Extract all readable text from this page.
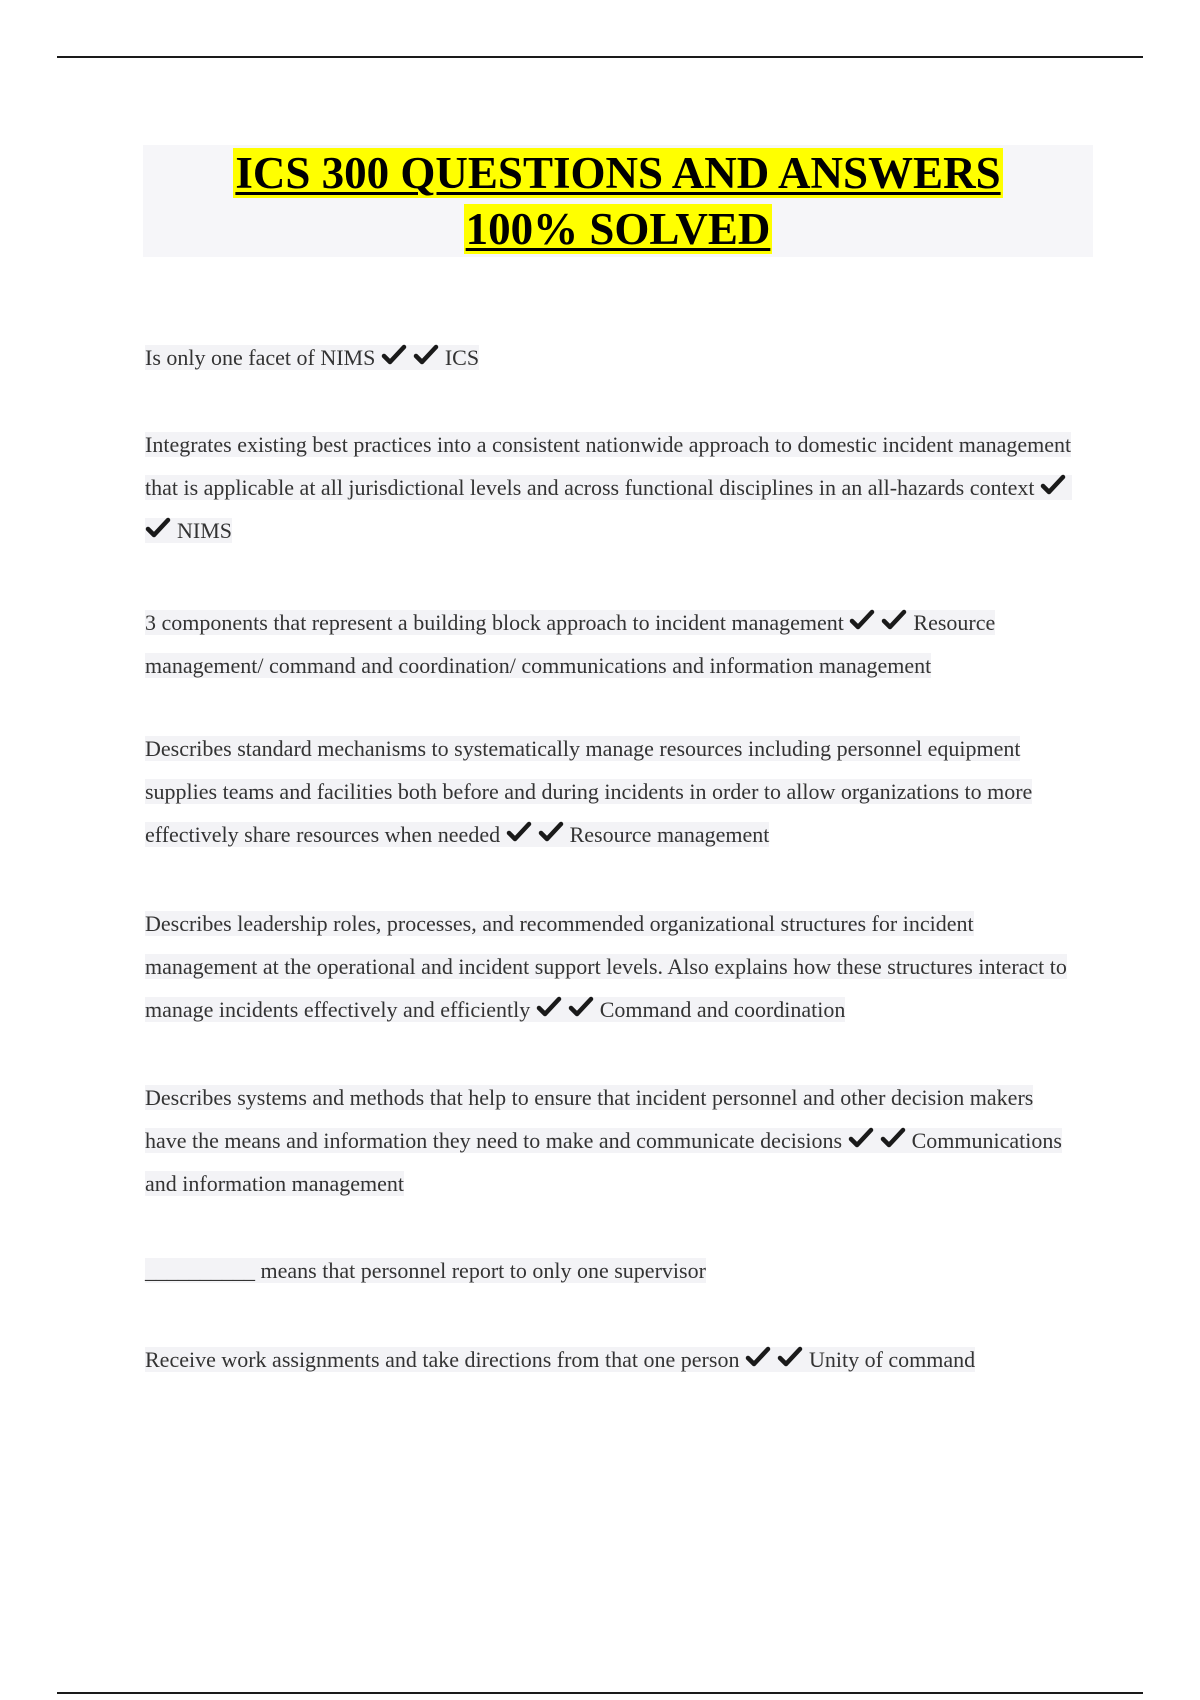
ICS 300 QUESTIONS AND ANSWERS
100% SOLVED
Is only one facet of NIMS	ICS
Integrates existing best practices into a consistent nationwide approach to domestic incident management that is applicable at all jurisdictional levels and across functional disciplines in an all-hazards context
NIMS
3 components that represent a building block approach to incident management	Resource management/ command and coordination/ communications and information management
Describes standard mechanisms to systematically manage resources including personnel equipment supplies teams and facilities both before and during incidents in order to allow organizations to more effectively share resources when needed	Resource management
Describes leadership roles, processes, and recommended organizational structures for incident management at the operational and incident support levels. Also explains how these structures interact to manage incidents effectively and efficiently	Command and coordination
Describes systems and methods that help to ensure that incident personnel and other decision makers have the means and information they need to make and communicate decisions	Communications and information management
__________ means that personnel report to only one supervisor
Receive work assignments and take directions from that one person	Unity of command
